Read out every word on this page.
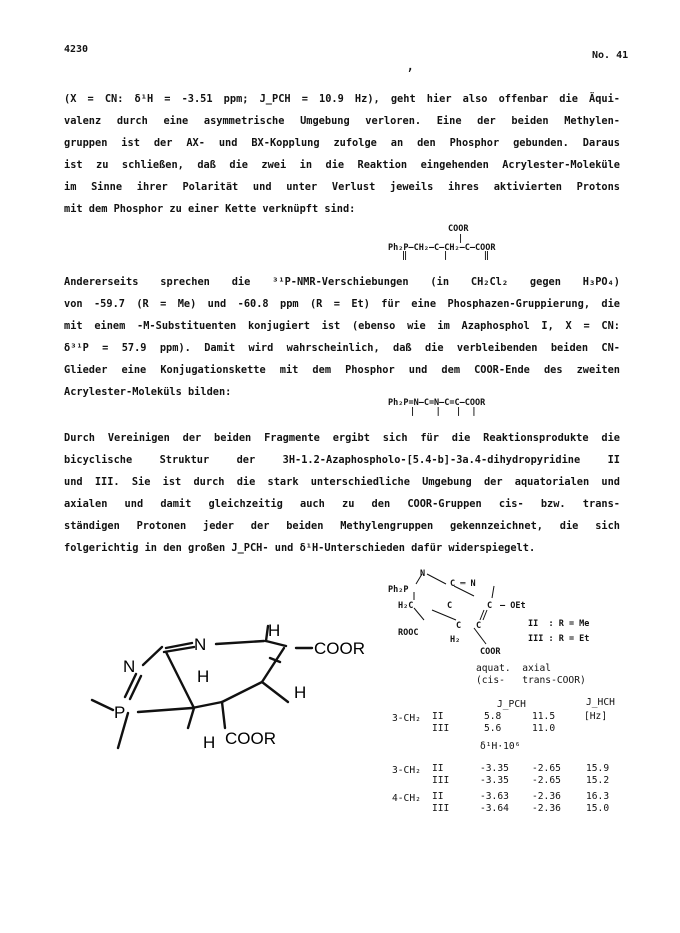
4230
No. 41
,
(X = CN: δ¹H = -3.51 ppm; J_PCH = 10.9 Hz), geht hier also offenbar die Äqui-
valenz durch eine asymmetrische Umgebung verloren. Eine der beiden Methylen-
gruppen ist der AX- und BX-Kopplung zufolge an den Phosphor gebunden. Daraus
ist zu schließen, daß die zwei in die Reaktion eingehenden Acrylester-Moleküle
im Sinne ihrer Polarität und unter Verlust jeweils ihres aktivierten Protons
mit dem Phosphor zu einer Kette verknüpft sind:
COOR
|
Ph₂P–CH₂–C–CH₂–C–COOR
‖       |       ‖
Andererseits sprechen die ³¹P-NMR-Verschiebungen (in CH₂Cl₂ gegen H₃PO₄)
von -59.7 (R = Me) und -60.8 ppm (R = Et) für eine Phosphazen-Gruppierung, die
mit einem -M-Substituenten konjugiert ist (ebenso wie im Azaphosphol I, X = CN:
δ³¹P = 57.9 ppm). Damit wird wahrscheinlich, daß die verbleibenden beiden CN-
Glieder eine Konjugationskette mit dem Phosphor und dem COOR-Ende des zweiten
Acrylester-Moleküls bilden:
Ph₂P=N–C=N–C=C–COOR
|    |   |  |
Durch Vereinigen der beiden Fragmente ergibt sich für die Reaktionsprodukte die
bicyclische Struktur der 3H-1.2-Azaphospholo-[5.4-b]-3a.4-dihydropyridine II
und III. Sie ist durch die stark unterschiedliche Umgebung der aquatorialen und
axialen und damit gleichzeitig auch zu den COOR-Gruppen cis- bzw. trans-
ständigen Protonen jeder der beiden Methylengruppen gekennzeichnet, die sich
folgerichtig in den großen J_PCH- und δ¹H-Unterschieden dafür widerspiegelt.
N
N
P
H
H
H
H
COOR
COOR
N
Ph₂P
C ═ N
H₂C	C	C — OEt
C C
ROOC
H₂
COOR
II  : R = Me
III : R = Et
aquat.  axial
(cis-   trans-COOR)
J_PCH	J_HCH
3-CH₂ II	5.8	11.5	[Hz]
III	5.6	11.0
δ¹H·10⁶
3-CH₂ II	-3.35 -2.65	15.9
III	-3.35 -2.65	15.2
4-CH₂ II	-3.63 -2.36	16.3
III	-3.64 -2.36	15.0
